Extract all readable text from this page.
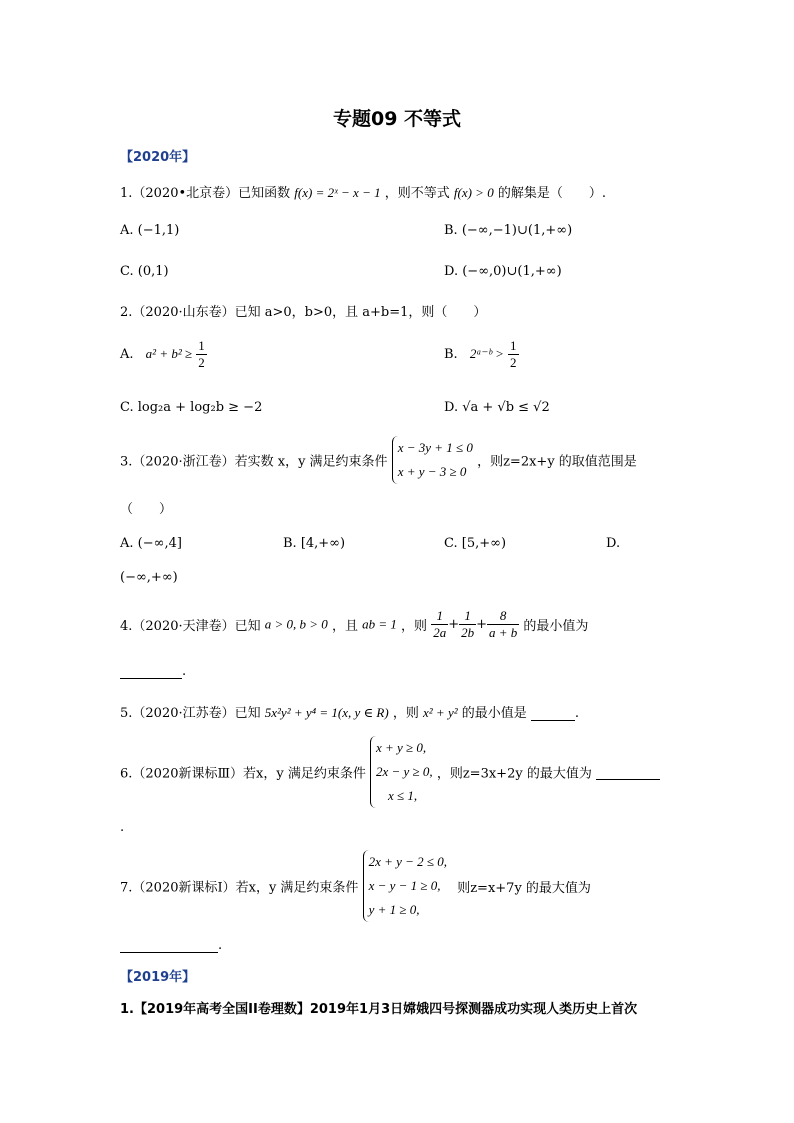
专题09 不等式
【2020年】
1.（2020•北京卷）已知函数 f(x) = 2ˣ − x − 1 ，则不等式 f(x) > 0 的解集是（　　）.
A. (−1,1)	B. (−∞,−1)∪(1,+∞)
C. (0,1)	D. (−∞,0)∪(1,+∞)
2.（2020·山东卷）已知 a>0，b>0，且 a+b=1，则（　　）
A. $a^2 + b^2 \ge \frac{1}{2}$	B. 2ᵃ⁻ᵇ > $\frac{1}{2}$
C. log₂a + log₂b ≥ −2	D. √a + √b ≤ √2
3.（2020·浙江卷）若实数 x，y 满足约束条件
x − 3y + 1 ≤ 0
x + y − 3 ≥ 0
，则z=2x+y 的取值范围是
（　　）
A. (−∞,4]	B. [4,+∞)	C. [5,+∞)	D.
(−∞,+∞)
4.（2020·天津卷）已知 a > 0, b > 0 ，且 ab = 1 ，则 $\frac{1}{2a} + \frac{1}{2b} + \frac{8}{a + b}$ 的最小值为
.
5.（2020·江苏卷）已知 5x²y² + y⁴ = 1(x, y ∈ R) ，则 x² + y² 的最小值是	.
6.（2020新课标Ⅲ）若x，y 满足约束条件
x + y ≥ 0,
2x − y ≥ 0,
x ≤ 1,
，则z=3x+2y 的最大值为
.
7.（2020新课标Ⅰ）若x，y 满足约束条件
2x + y − 2 ≤ 0,
x − y − 1 ≥ 0,
y + 1 ≥ 0,
则z=x+7y 的最大值为
.
【2019年】
1.【2019年高考全国II卷理数】2019年1月3日嫦娥四号探测器成功实现人类历史上首次
